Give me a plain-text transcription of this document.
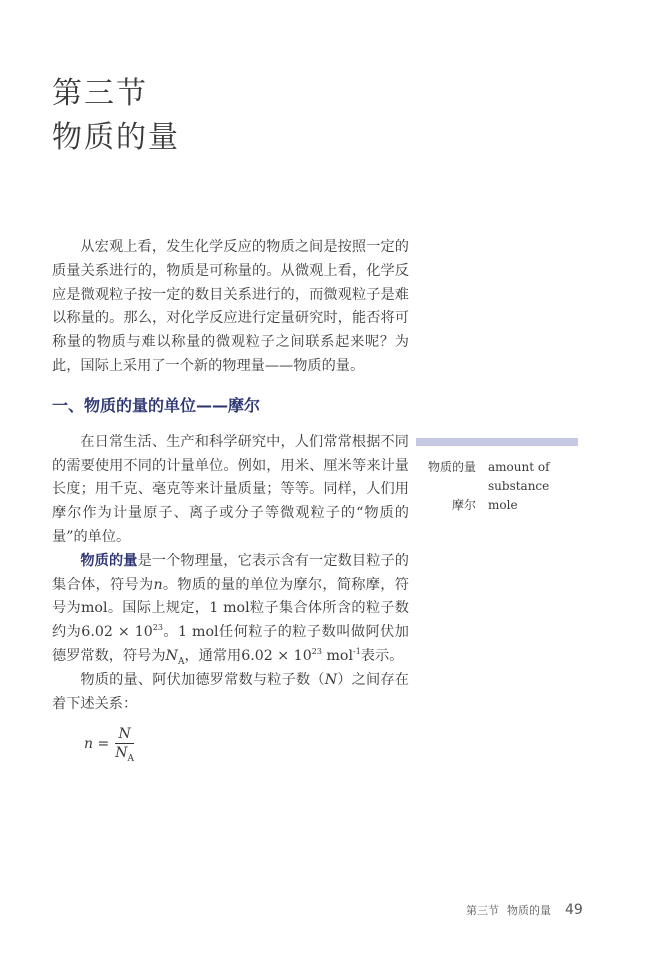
第三节
物质的量

从宏观上看，发生化学反应的物质之间是按照一定的质量关系进行的，物质是可称量的。从微观上看，化学反应是微观粒子按一定的数目关系进行的，而微观粒子是难以称量的。那么，对化学反应进行定量研究时，能否将可称量的物质与难以称量的微观粒子之间联系起来呢？为此，国际上采用了一个新的物理量——物质的量。

一、物质的量的单位——摩尔

在日常生活、生产和科学研究中，人们常常根据不同的需要使用不同的计量单位。例如，用米、厘米等来计量长度；用千克、毫克等来计量质量；等等。同样，人们用摩尔作为计量原子、离子或分子等微观粒子的“物质的量”的单位。

物质的量是一个物理量，它表示含有一定数目粒子的集合体，符号为n。物质的量的单位为摩尔，简称摩，符号为mol。国际上规定，1 mol粒子集合体所含的粒子数约为$6.02 \times 10^{23}$。1 mol任何粒子的粒子数叫做阿伏加德罗常数，符号为$N_A$，通常用$6.02 \times 10^{23}$ mol$^{-1}$表示。

物质的量、阿伏加德罗常数与粒子数（N）之间存在着下述关系：

$n = \frac{N}{N_A}$
物质的量 amount of
substance
摩尔 mole
第三节 物质的量 49
